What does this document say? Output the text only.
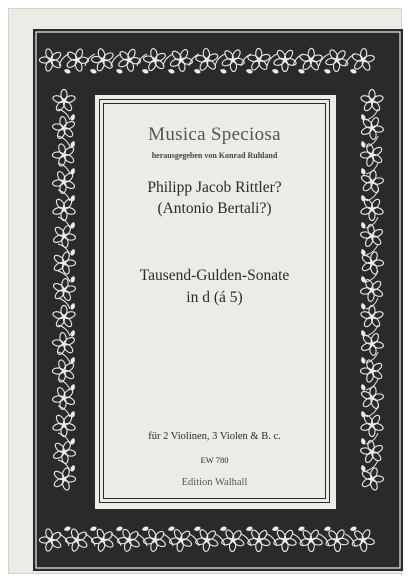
Musica Speciosa
herausgegeben von Konrad Ruhland
Philipp Jacob Rittler?
(Antonio Bertali?)
Tausend-Gulden-Sonate
in d (á 5)
für 2 Violinen, 3 Violen & B. c.
EW 780
Edition Walhall
